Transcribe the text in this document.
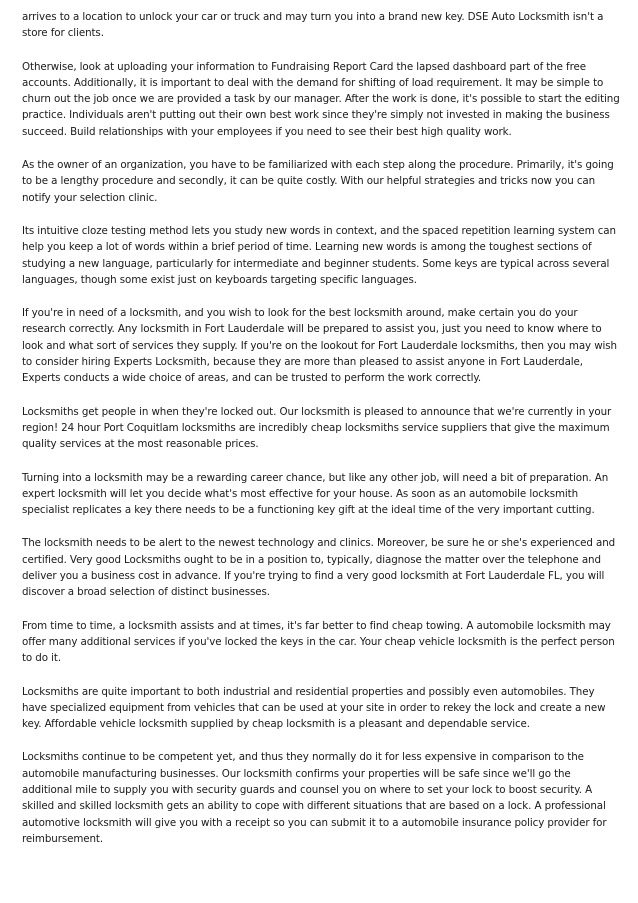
arrives to a location to unlock your car or truck and may turn you into a brand new key. DSE Auto Locksmith isn't a store for clients.

Otherwise, look at uploading your information to Fundraising Report Card the lapsed dashboard part of the free accounts. Additionally, it is important to deal with the demand for shifting of load requirement. It may be simple to churn out the job once we are provided a task by our manager. After the work is done, it's possible to start the editing practice. Individuals aren't putting out their own best work since they're simply not invested in making the business succeed. Build relationships with your employees if you need to see their best high quality work.

As the owner of an organization, you have to be familiarized with each step along the procedure. Primarily, it's going to be a lengthy procedure and secondly, it can be quite costly. With our helpful strategies and tricks now you can notify your selection clinic.

Its intuitive cloze testing method lets you study new words in context, and the spaced repetition learning system can help you keep a lot of words within a brief period of time. Learning new words is among the toughest sections of studying a new language, particularly for intermediate and beginner students. Some keys are typical across several languages, though some exist just on keyboards targeting specific languages.

If you're in need of a locksmith, and you wish to look for the best locksmith around, make certain you do your research correctly. Any locksmith in Fort Lauderdale will be prepared to assist you, just you need to know where to look and what sort of services they supply. If you're on the lookout for Fort Lauderdale locksmiths, then you may wish to consider hiring Experts Locksmith, because they are more than pleased to assist anyone in Fort Lauderdale, Experts conducts a wide choice of areas, and can be trusted to perform the work correctly.

Locksmiths get people in when they're locked out. Our locksmith is pleased to announce that we're currently in your region! 24 hour Port Coquitlam locksmiths are incredibly cheap locksmiths service suppliers that give the maximum quality services at the most reasonable prices.

Turning into a locksmith may be a rewarding career chance, but like any other job, will need a bit of preparation. An expert locksmith will let you decide what's most effective for your house. As soon as an automobile locksmith specialist replicates a key there needs to be a functioning key gift at the ideal time of the very important cutting.

The locksmith needs to be alert to the newest technology and clinics. Moreover, be sure he or she's experienced and certified. Very good Locksmiths ought to be in a position to, typically, diagnose the matter over the telephone and deliver you a business cost in advance. If you're trying to find a very good locksmith at Fort Lauderdale FL, you will discover a broad selection of distinct businesses.

From time to time, a locksmith assists and at times, it's far better to find cheap towing. A automobile locksmith may offer many additional services if you've locked the keys in the car. Your cheap vehicle locksmith is the perfect person to do it.

Locksmiths are quite important to both industrial and residential properties and possibly even automobiles. They have specialized equipment from vehicles that can be used at your site in order to rekey the lock and create a new key. Affordable vehicle locksmith supplied by cheap locksmith is a pleasant and dependable service.

Locksmiths continue to be competent yet, and thus they normally do it for less expensive in comparison to the automobile manufacturing businesses. Our locksmith confirms your properties will be safe since we'll go the additional mile to supply you with security guards and counsel you on where to set your lock to boost security. A skilled and skilled locksmith gets an ability to cope with different situations that are based on a lock. A professional automotive locksmith will give you with a receipt so you can submit it to a automobile insurance policy provider for reimbursement.
